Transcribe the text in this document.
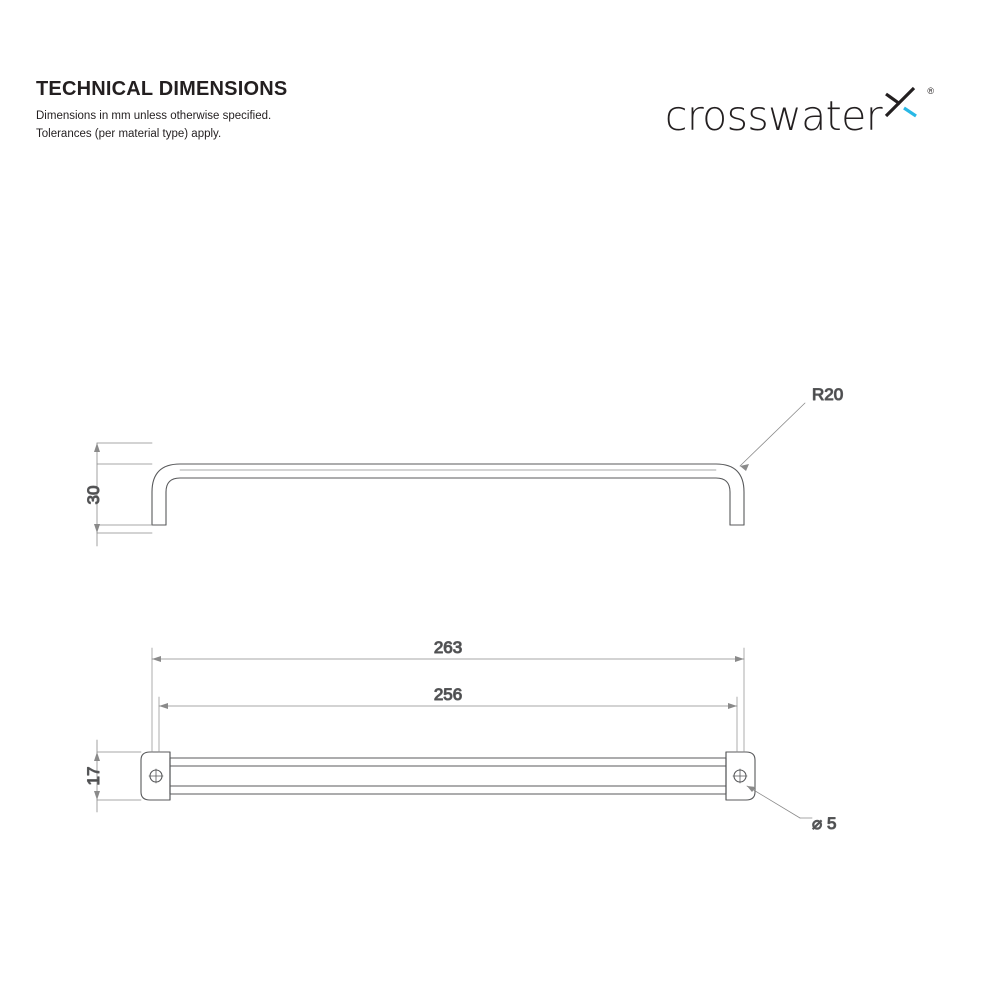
TECHNICAL DIMENSIONS
Dimensions in mm unless otherwise specified.
Tolerances (per material type) apply.	crosswater
®
30
R20
263
256
17
⌀ 5
